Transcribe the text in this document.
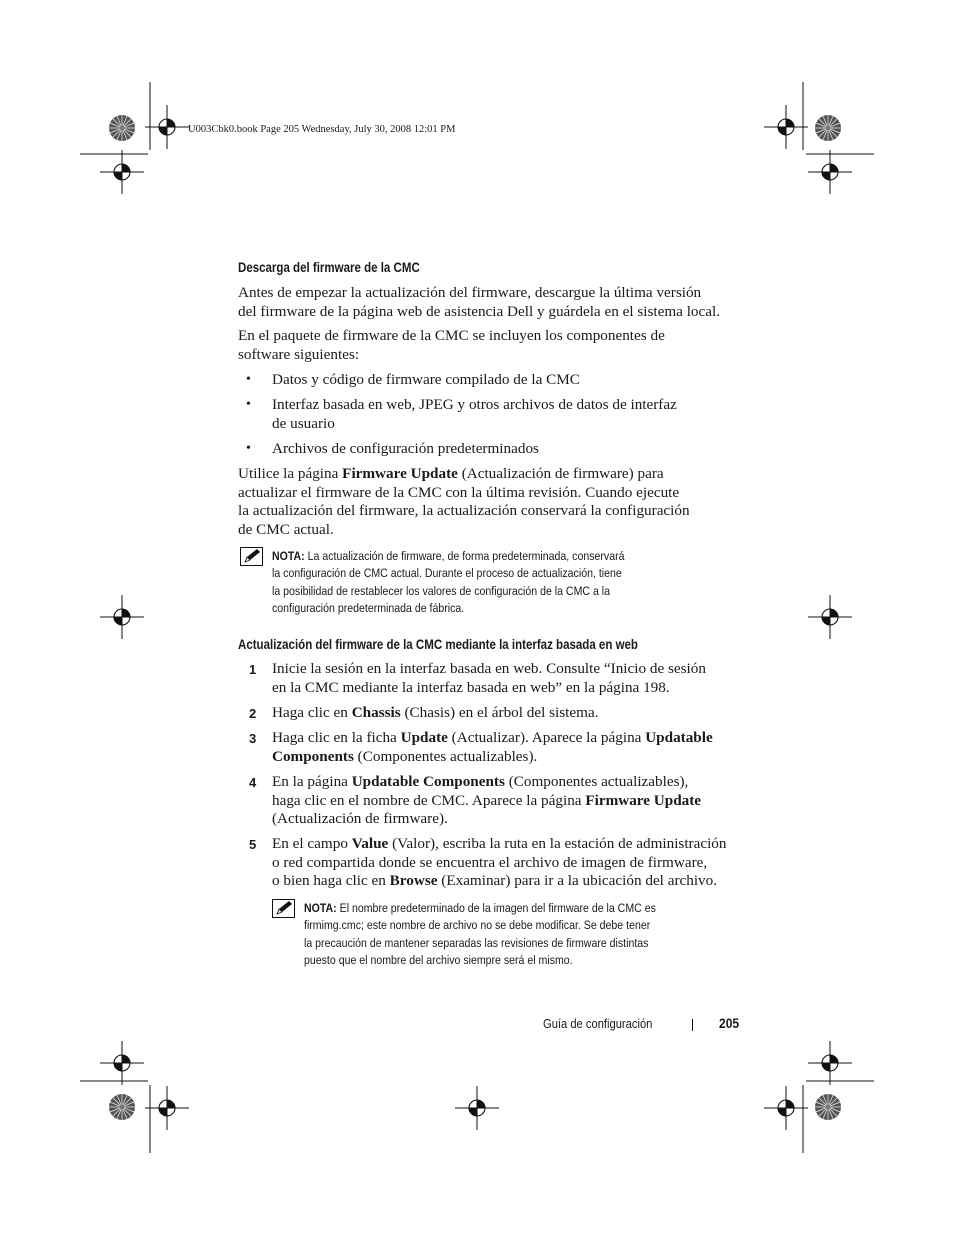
U003Cbk0.book Page 205 Wednesday, July 30, 2008 12:01 PM
Descarga del firmware de la CMC
Antes de empezar la actualización del firmware, descargue la última versión
del firmware de la página web de asistencia Dell y guárdela en el sistema local.
En el paquete de firmware de la CMC se incluyen los componentes de
software siguientes:
• Datos y código de firmware compilado de la CMC
• Interfaz basada en web, JPEG y otros archivos de datos de interfaz
de usuario
• Archivos de configuración predeterminados
Utilice la página Firmware Update (Actualización de firmware) para
actualizar el firmware de la CMC con la última revisión. Cuando ejecute
la actualización del firmware, la actualización conservará la configuración
de CMC actual.
NOTA: La actualización de firmware, de forma predeterminada, conservará
la configuración de CMC actual. Durante el proceso de actualización, tiene
la posibilidad de restablecer los valores de configuración de la CMC a la
configuración predeterminada de fábrica.
Actualización del firmware de la CMC mediante la interfaz basada en web
1 Inicie la sesión en la interfaz basada en web. Consulte “Inicio de sesión
en la CMC mediante la interfaz basada en web” en la página 198.
2 Haga clic en Chassis (Chasis) en el árbol del sistema.
3 Haga clic en la ficha Update (Actualizar). Aparece la página Updatable
Components (Componentes actualizables).
4 En la página Updatable Components (Componentes actualizables),
haga clic en el nombre de CMC. Aparece la página Firmware Update
(Actualización de firmware).
5 En el campo Value (Valor), escriba la ruta en la estación de administración
o red compartida donde se encuentra el archivo de imagen de firmware,
o bien haga clic en Browse (Examinar) para ir a la ubicación del archivo.
NOTA: El nombre predeterminado de la imagen del firmware de la CMC es
firmimg.cmc; este nombre de archivo no se debe modificar. Se debe tener
la precaución de mantener separadas las revisiones de firmware distintas
puesto que el nombre del archivo siempre será el mismo.
Guía de configuración	205
